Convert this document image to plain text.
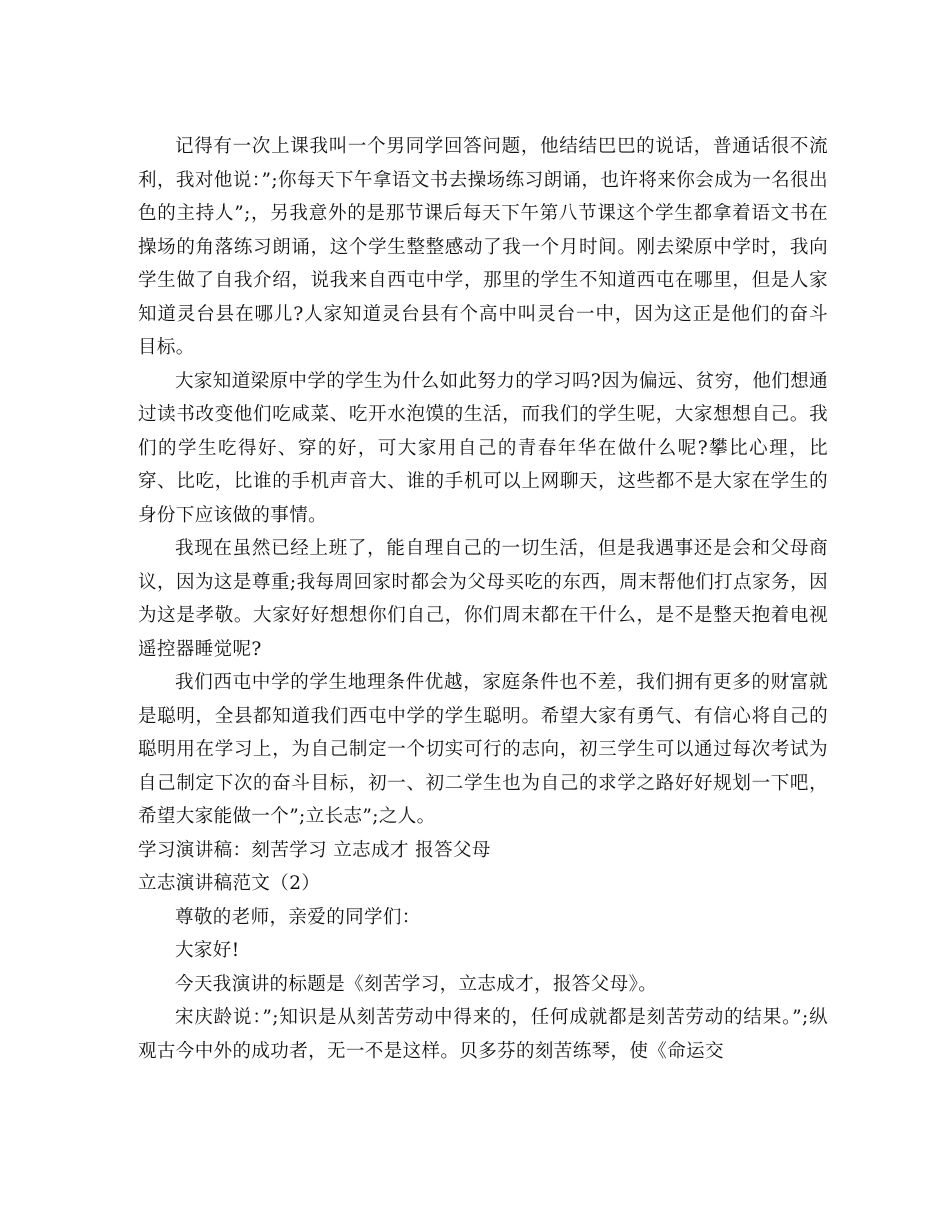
记得有一次上课我叫一个男同学回答问题，他结结巴巴的说话，普通话很不流利，我对他说：”;你每天下午拿语文书去操场练习朗诵，也许将来你会成为一名很出色的主持人”;，另我意外的是那节课后每天下午第八节课这个学生都拿着语文书在操场的角落练习朗诵，这个学生整整感动了我一个月时间。刚去梁原中学时，我向学生做了自我介绍，说我来自西屯中学，那里的学生不知道西屯在哪里，但是人家知道灵台县在哪儿?人家知道灵台县有个高中叫灵台一中，因为这正是他们的奋斗目标。

大家知道梁原中学的学生为什么如此努力的学习吗?因为偏远、贫穷，他们想通过读书改变他们吃咸菜、吃开水泡馍的生活，而我们的学生呢，大家想想自己。我们的学生吃得好、穿的好，可大家用自己的青春年华在做什么呢?攀比心理，比穿、比吃，比谁的手机声音大、谁的手机可以上网聊天，这些都不是大家在学生的身份下应该做的事情。

我现在虽然已经上班了，能自理自己的一切生活，但是我遇事还是会和父母商议，因为这是尊重;我每周回家时都会为父母买吃的东西，周末帮他们打点家务，因为这是孝敬。大家好好想想你们自己，你们周末都在干什么，是不是整天抱着电视遥控器睡觉呢?

我们西屯中学的学生地理条件优越，家庭条件也不差，我们拥有更多的财富就是聪明，全县都知道我们西屯中学的学生聪明。希望大家有勇气、有信心将自己的聪明用在学习上，为自己制定一个切实可行的志向，初三学生可以通过每次考试为自己制定下次的奋斗目标，初一、初二学生也为自己的求学之路好好规划一下吧，希望大家能做一个”;立长志”;之人。

学习演讲稿：刻苦学习 立志成才 报答父母

立志演讲稿范文（2）

尊敬的老师，亲爱的同学们：

大家好!

今天我演讲的标题是《刻苦学习，立志成才，报答父母》。

宋庆龄说：”;知识是从刻苦劳动中得来的，任何成就都是刻苦劳动的结果。”;纵观古今中外的成功者，无一不是这样。贝多芬的刻苦练琴，使《命运交
